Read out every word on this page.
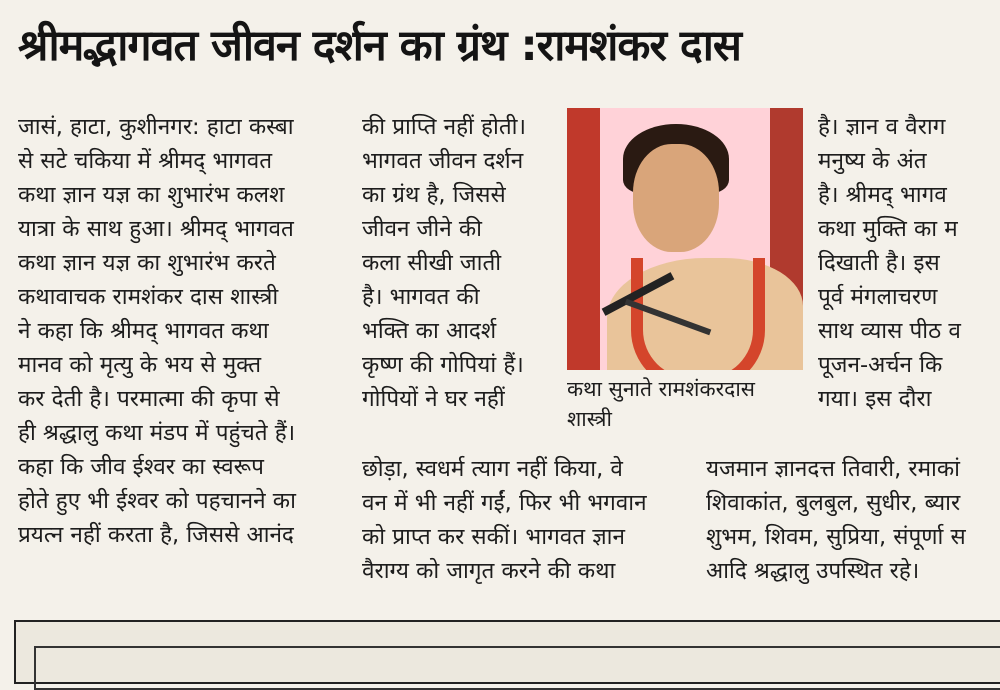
श्रीमद्भागवत जीवन दर्शन का ग्रंथ :रामशंकर दास
जासं, हाटा, कुशीनगर: हाटा कस्बा
से सटे चकिया में श्रीमद् भागवत
कथा ज्ञान यज्ञ का शुभारंभ कलश
यात्रा के साथ हुआ। श्रीमद् भागवत
कथा ज्ञान यज्ञ का शुभारंभ करते
कथावाचक रामशंकर दास शास्त्री
ने कहा कि श्रीमद् भागवत कथा
मानव को मृत्यु के भय से मुक्त
कर देती है। परमात्मा की कृपा से
ही श्रद्धालु कथा मंडप में पहुंचते हैं।
कहा कि जीव ईश्वर का स्वरूप
होते हुए भी ईश्वर को पहचानने का
प्रयत्न नहीं करता है, जिससे आनंद
की प्राप्ति नहीं होती।
भागवत जीवन दर्शन
का ग्रंथ है, जिससे
जीवन जीने की
कला सीखी जाती
है। भागवत की
भक्ति का आदर्श
कृष्ण की गोपियां हैं।
गोपियों ने घर नहीं	कथा सुनाते रामशंकरदास
शास्त्री
है। ज्ञान व वैराग
मनुष्य के अंत
है। श्रीमद् भागव
कथा मुक्ति का म
दिखाती है। इस
पूर्व मंगलाचरण
साथ व्यास पीठ व
पूजन-अर्चन कि
गया। इस दौरा
छोड़ा, स्वधर्म त्याग नहीं किया, वे
वन में भी नहीं गईं, फिर भी भगवान
को प्राप्त कर सकीं। भागवत ज्ञान
वैराग्य को जागृत करने की कथा
यजमान ज्ञानदत्त तिवारी, रमाकां
शिवाकांत, बुलबुल, सुधीर, ब्यार
शुभम, शिवम, सुप्रिया, संपूर्णा स
आदि श्रद्धालु उपस्थित रहे।
